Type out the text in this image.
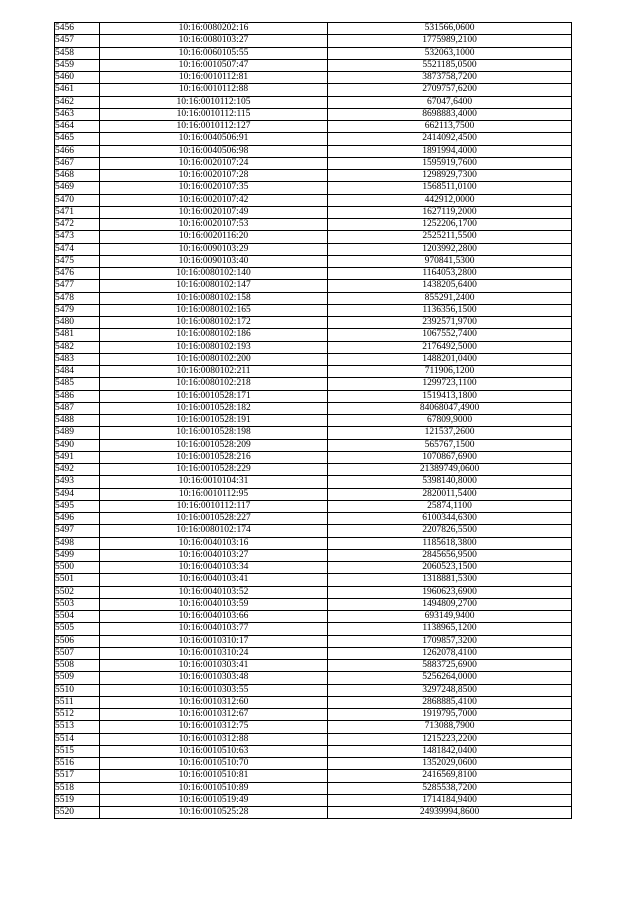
5456	10:16:0080202:16	531566,0600
5457	10:16:0080103:27	1775989,2100
5458	10:16:0060105:55	532063,1000
5459	10:16:0010507:47	5521185,0500
5460	10:16:0010112:81	3873758,7200
5461	10:16:0010112:88	2709757,6200
5462	10:16:0010112:105	67047,6400
5463	10:16:0010112:115	8698883,4000
5464	10:16:0010112:127	662113,7500
5465	10:16:0040506:91	2414092,4500
5466	10:16:0040506:98	1891994,4000
5467	10:16:0020107:24	1595919,7600
5468	10:16:0020107:28	1298929,7300
5469	10:16:0020107:35	1568511,0100
5470	10:16:0020107:42	442912,0000
5471	10:16:0020107:49	1627119,2000
5472	10:16:0020107:53	1252206,1700
5473	10:16:0020116:20	2525211,5500
5474	10:16:0090103:29	1203992,2800
5475	10:16:0090103:40	970841,5300
5476	10:16:0080102:140	1164053,2800
5477	10:16:0080102:147	1438205,6400
5478	10:16:0080102:158	855291,2400
5479	10:16:0080102:165	1136356,1500
5480	10:16:0080102:172	2392571,9700
5481	10:16:0080102:186	1067552,7400
5482	10:16:0080102:193	2176492,5000
5483	10:16:0080102:200	1488201,0400
5484	10:16:0080102:211	711906,1200
5485	10:16:0080102:218	1299723,1100
5486	10:16:0010528:171	1519413,1800
5487	10:16:0010528:182	84068047,4900
5488	10:16:0010528:191	67809,9000
5489	10:16:0010528:198	121537,2600
5490	10:16:0010528:209	565767,1500
5491	10:16:0010528:216	1070867,6900
5492	10:16:0010528:229	21389749,0600
5493	10:16:0010104:31	5398140,8000
5494	10:16:0010112:95	2820011,5400
5495	10:16:0010112:117	25874,1100
5496	10:16:0010528:227	6100344,6300
5497	10:16:0080102:174	2207826,5500
5498	10:16:0040103:16	1185618,3800
5499	10:16:0040103:27	2845656,9500
5500	10:16:0040103:34	2060523,1500
5501	10:16:0040103:41	1318881,5300
5502	10:16:0040103:52	1960623,6900
5503	10:16:0040103:59	1494809,2700
5504	10:16:0040103:66	693149,9400
5505	10:16:0040103:77	1138965,1200
5506	10:16:0010310:17	1709857,3200
5507	10:16:0010310:24	1262078,4100
5508	10:16:0010303:41	5883725,6900
5509	10:16:0010303:48	5256264,0000
5510	10:16:0010303:55	3297248,8500
5511	10:16:0010312:60	2868885,4100
5512	10:16:0010312:67	1919795,7000
5513	10:16:0010312:75	713088,7900
5514	10:16:0010312:88	1215223,2200
5515	10:16:0010510:63	1481842,0400
5516	10:16:0010510:70	1352029,0600
5517	10:16:0010510:81	2416569,8100
5518	10:16:0010510:89	5285538,7200
5519	10:16:0010519:49	1714184,9400
5520	10:16:0010525:28	24939994,8600
